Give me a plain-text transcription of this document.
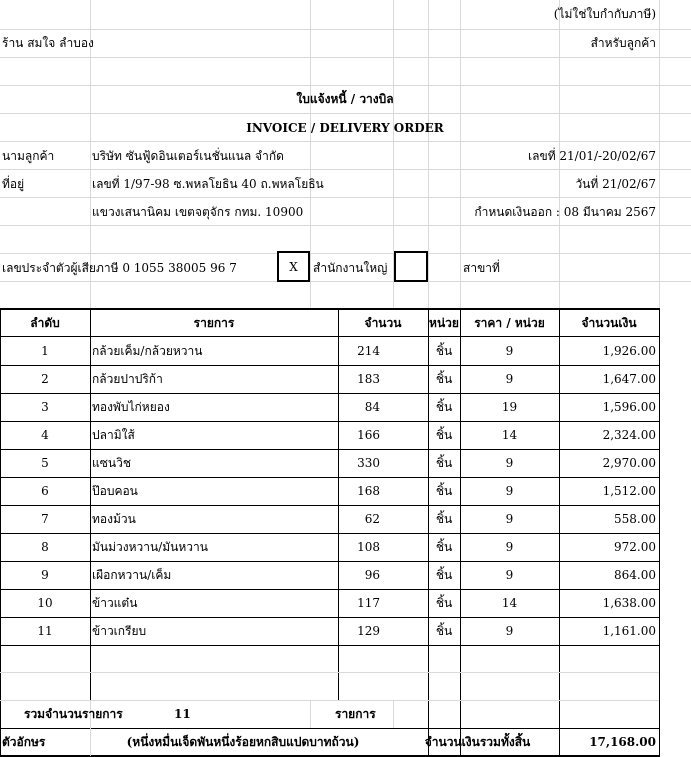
(ไม่ใช่ใบกำกับภาษี)
ร้าน สมใจ ลำบอง	สำหรับลูกค้า
ใบแจ้งหนี้ / วางบิล
INVOICE / DELIVERY ORDER
นามลูกค้า	บริษัท ซันฟู้ดอินเตอร์เนชั่นแนล จำกัด	เลขที่ 21/01/-20/02/67
ที่อยู่	เลขที่ 1/97-98 ซ.พหลโยธิน 40 ถ.พหลโยธิน	วันที่ 21/02/67
แขวงเสนานิคม เขตจตุจักร กทม. 10900	กำหนดเงินออก : 08 มีนาคม 2567
เลขประจำตัวผู้เสียภาษี 0 1055 38005 96 7	X	สำนักงานใหญ่	สาขาที่
ลำดับ	รายการ	จำนวน	หน่วย	ราคา / หน่วย	จำนวนเงิน
1	กล้วยเค็ม/กล้วยหวาน	214	ชิ้น	9	1,926.00
2	กล้วยปาปริก้า	183	ชิ้น	9	1,647.00
3	ทองพับไก่หยอง	84	ชิ้น	19	1,596.00
4	ปลามิใส้	166	ชิ้น	14	2,324.00
5	แซนวิช	330	ชิ้น	9	2,970.00
6	ป๊อบคอน	168	ชิ้น	9	1,512.00
7	ทองม้วน	62	ชิ้น	9	558.00
8	มันม่วงหวาน/มันหวาน	108	ชิ้น	9	972.00
9	เผือกหวาน/เค็ม	96	ชิ้น	9	864.00
10	ข้าวแต๋น	117	ชิ้น	14	1,638.00
11	ข้าวเกรียบ	129	ชิ้น	9	1,161.00
รวมจำนวนรายการ	11	รายการ
ตัวอักษร	(หนึ่งหมื่นเจ็ดพันหนึ่งร้อยหกสิบแปดบาทถ้วน)	จำนวนเงินรวมทั้งสิ้น	17,168.00
